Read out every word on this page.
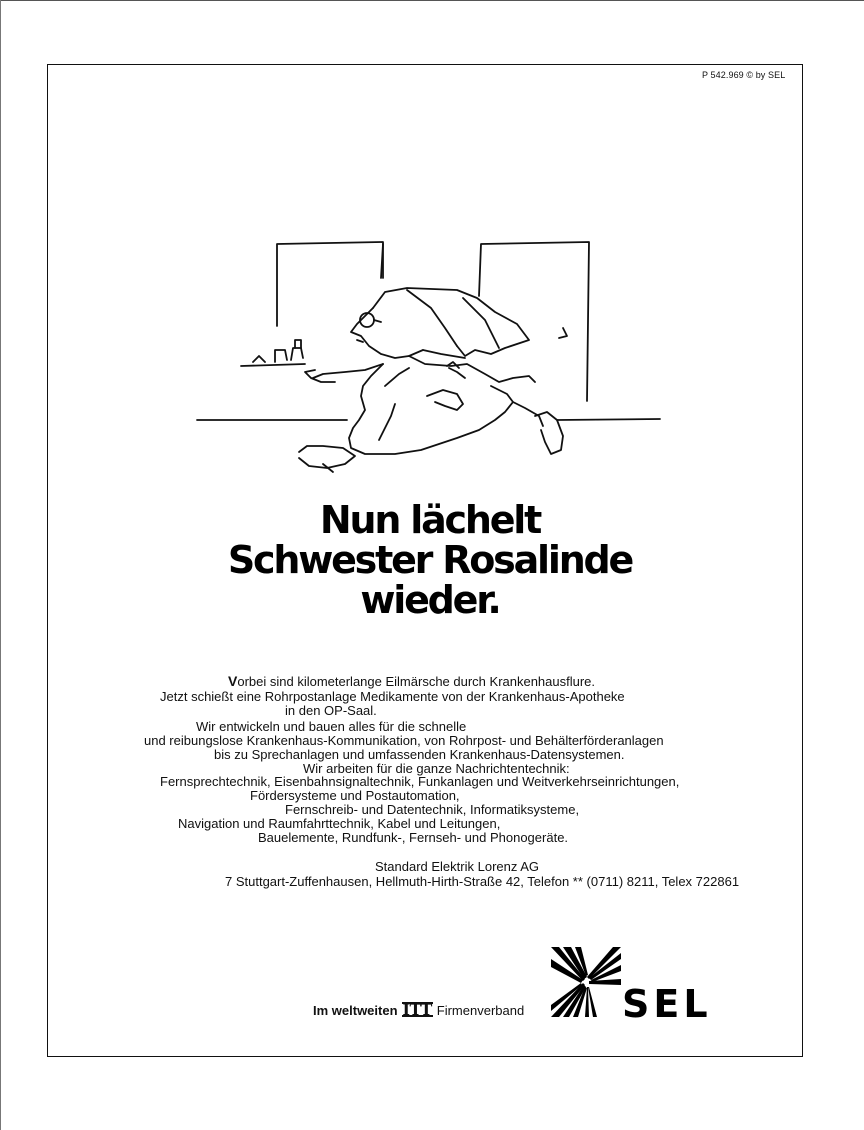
P 542.969 © by SEL
Nun lächelt
Schwester Rosalinde
wieder.

Vorbei sind kilometerlange Eilmärsche durch Krankenhausflure.

Jetzt schießt eine Rohrpostanlage Medikamente von der Krankenhaus-Apotheke

in den OP-Saal.

Wir entwickeln und bauen alles für die schnelle

und reibungslose Krankenhaus-Kommunikation, von Rohrpost- und Behälterförderanlagen

bis zu Sprechanlagen und umfassenden Krankenhaus-Datensystemen.

Wir arbeiten für die ganze Nachrichtentechnik:

Fernsprechtechnik, Eisenbahnsignaltechnik, Funkanlagen und Weitverkehrseinrichtungen,

Fördersysteme und Postautomation,

Fernschreib- und Datentechnik, Informatiksysteme,

Navigation und Raumfahrttechnik, Kabel und Leitungen,

Bauelemente, Rundfunk-, Fernseh- und Phonogeräte.

Standard Elektrik Lorenz AG

7 Stuttgart-Zuffenhausen, Hellmuth-Hirth-Straße 42, Telefon ** (0711) 8211, Telex 722861

Im weltweiten ITT Firmenverband	SEL
